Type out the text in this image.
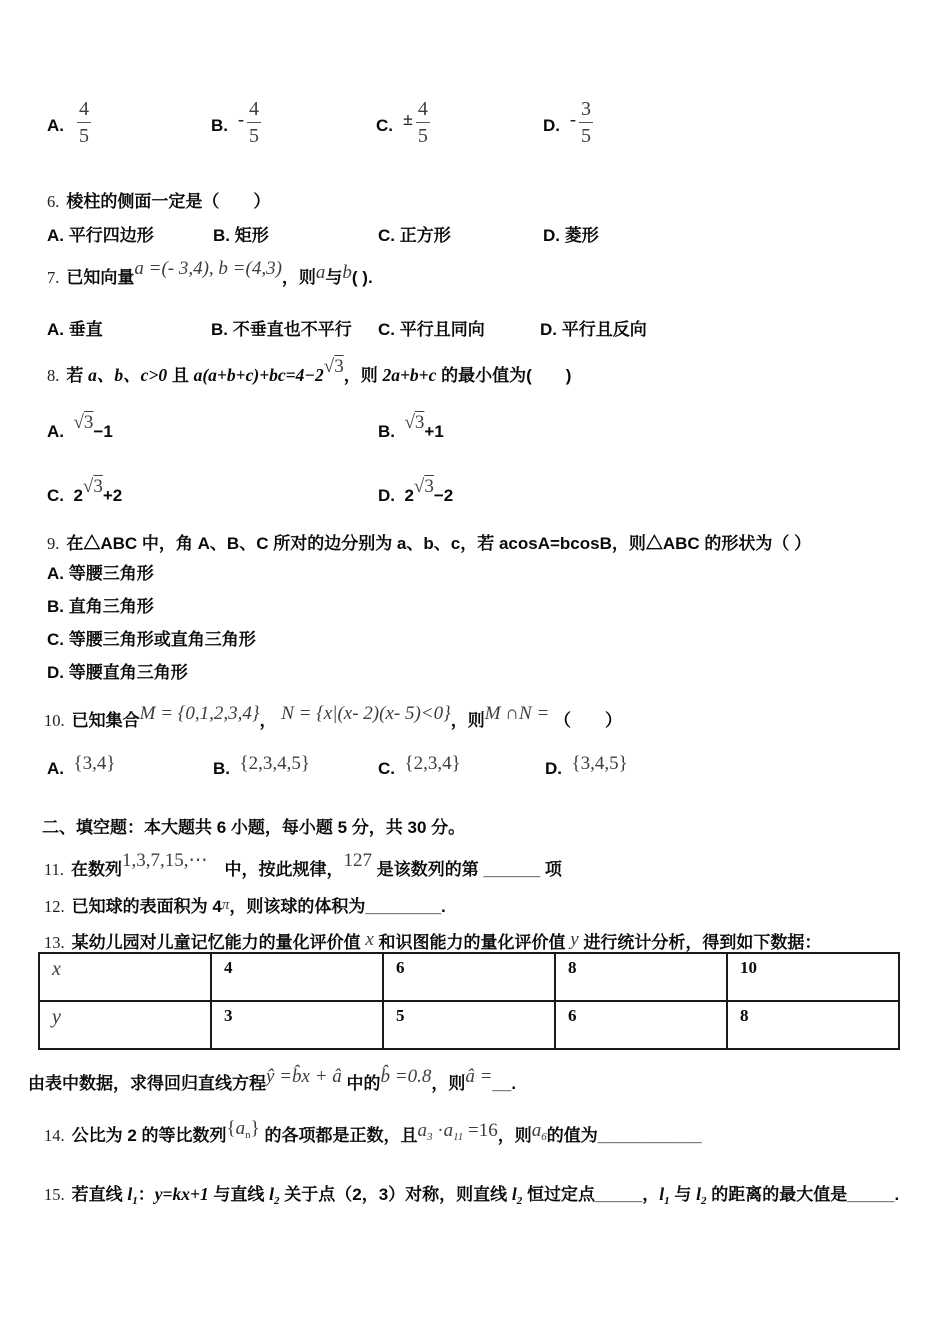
A. $\frac{4}{5}$	B. - $\frac{4}{5}$	C. ± $\frac{4}{5}$	D. - $\frac{3}{5}$
6. 棱柱的侧面一定是（　　）
A. 平行四边形	B. 矩形	C. 正方形	D. 菱形
7. 已知向量a =(- 3,4), b =(4,3)，则a与b( ).
A. 垂直	B. 不垂直也不平行 C. 平行且同向	D. 平行且反向
8. 若 a、b、c>0 且 a(a+b+c)+bc=4−2√3，则 2a+b+c 的最小值为(　　)
A. √3−1	B. √3+1
C. 2√3+2	D. 2√3−2
9. 在△ABC 中，角 A、B、C 所对的边分别为 a、b、c，若 acosA=bcosB，则△ABC 的形状为（ ）
A. 等腰三角形
B. 直角三角形
C. 等腰三角形或直角三角形
D. 等腰直角三角形
10. 已知集合M = {0,1,2,3,4}， N = {x|(x- 2)(x- 5)<0}，则M ∩N = （　　）
A. {3,4}	B. {2,3,4,5}	C. {2,3,4}	D. {3,4,5}
二、填空题：本大题共 6 小题，每小题 5 分，共 30 分。
11. 在数列1,3,7,15,⋯　 中，按此规律，127 是该数列的第 ______ 项
12. 已知球的表面积为 4π，则该球的体积为________.
13. 某幼儿园对儿童记忆能力的量化评价值 x 和识图能力的量化评价值 y 进行统计分析，得到如下数据：
x	4	6	8	10
y	3	5	6	8
由表中数据，求得回归直线方程ŷ =b̂x + â 中的b̂ =0.8，则â =__.
14. 公比为 2 的等比数列$\{a_n\}$ 的各项都是正数，且$a_3 \cdot a_{11} =16$，则$a_6$的值为___________
15. 若直线 $l_1$：y=kx+1 与直线 $l_2$ 关于点（2，3）对称，则直线 $l_2$ 恒过定点_____，$l_1$ 与 $l_2$ 的距离的最大值是_____.
